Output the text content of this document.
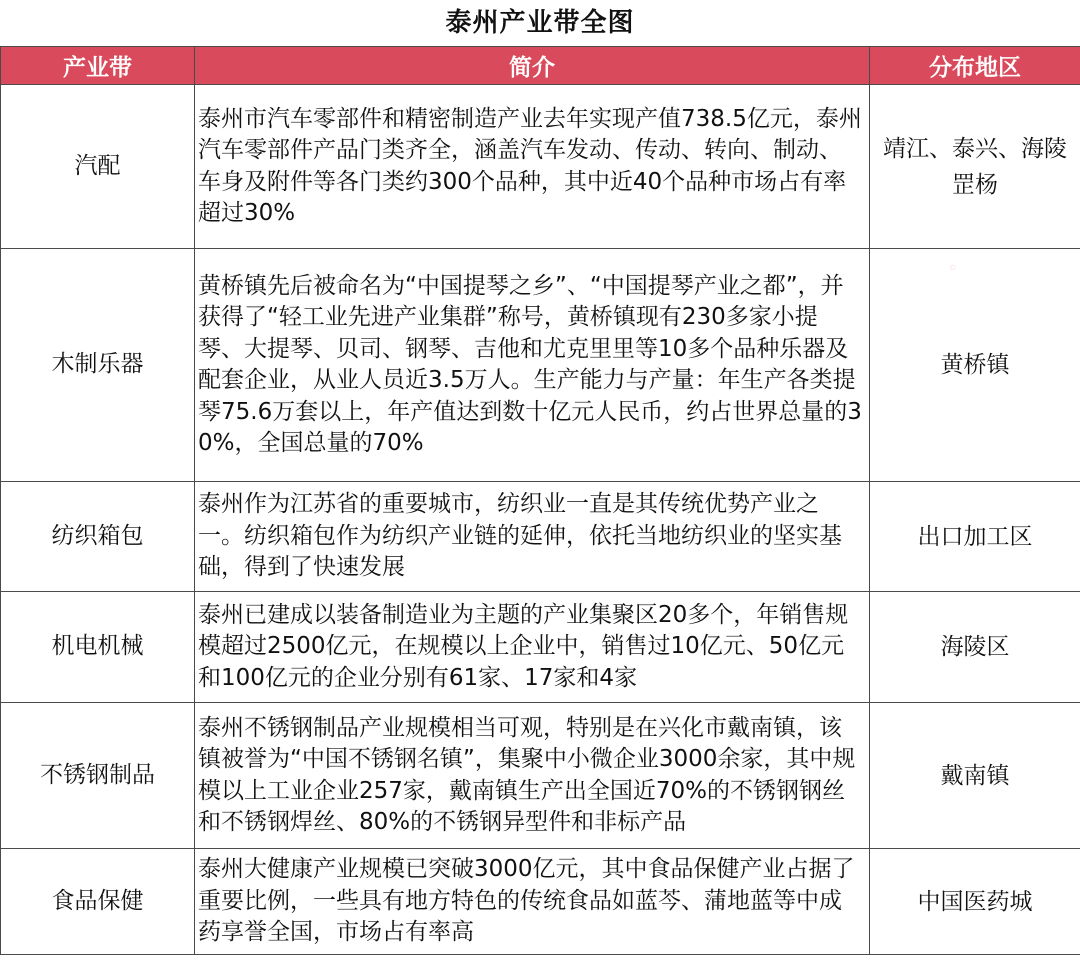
泰州产业带全图
产业带	简介	分布地区
汽配	泰州市汽车零部件和精密制造产业去年实现产值738.5亿元，泰州汽车零部件产品门类齐全，涵盖汽车发动、传动、转向、制动、车身及附件等各门类约300个品种，其中近40个品种市场占有率超过30%	靖江、泰兴、海陵罡杨

木制乐器	黄桥镇先后被命名为“中国提琴之乡”、“中国提琴产业之都”，并获得了“轻工业先进产业集群”称号，黄桥镇现有230多家小提琴、大提琴、贝司、钢琴、吉他和尤克里里等10多个品种乐器及配套企业，从业人员近3.5万人。生产能力与产量：年生产各类提琴75.6万套以上，年产值达到数十亿元人民币，约占世界总量的30%，全国总量的70%	黄桥镇

纺织箱包	泰州作为江苏省的重要城市，纺织业一直是其传统优势产业之一。纺织箱包作为纺织产业链的延伸，依托当地纺织业的坚实基础，得到了快速发展	出口加工区

机电机械	泰州已建成以装备制造业为主题的产业集聚区20多个，年销售规模超过2500亿元，在规模以上企业中，销售过10亿元、50亿元和100亿元的企业分别有61家、17家和4家	海陵区

不锈钢制品	泰州不锈钢制品产业规模相当可观，特别是在兴化市戴南镇，该镇被誉为“中国不锈钢名镇”，集聚中小微企业3000余家，其中规模以上工业企业257家，戴南镇生产出全国近70%的不锈钢钢丝和不锈钢焊丝、80%的不锈钢异型件和非标产品	戴南镇

食品保健	泰州大健康产业规模已突破3000亿元，其中食品保健产业占据了重要比例，一些具有地方特色的传统食品如蓝芩、蒲地蓝等中成药享誉全国，市场占有率高	中国医药城
◦
